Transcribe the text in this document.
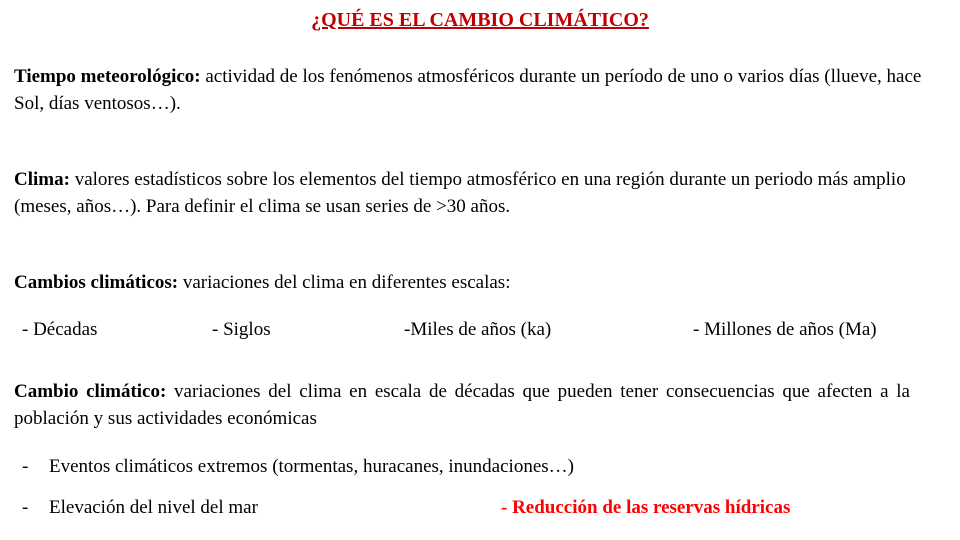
¿QUÉ ES EL CAMBIO CLIMÁTICO?
Tiempo meteorológico: actividad de los fenómenos atmosféricos durante un período de uno o varios días (llueve, hace Sol, días ventosos…).
Clima: valores estadísticos sobre los elementos del tiempo atmosférico en una región durante un periodo más amplio (meses, años…). Para definir el clima se usan series de >30 años.
Cambios climáticos: variaciones del clima en diferentes escalas:
- Décadas	- Siglos	-Miles de años (ka)	- Millones de años (Ma)
Cambio climático: variaciones del clima en escala de décadas que pueden tener consecuencias que afecten a la población y sus actividades económicas
- Eventos climáticos extremos (tormentas, huracanes, inundaciones…)
- Elevación del nivel del mar	- Reducción de las reservas hídricas
